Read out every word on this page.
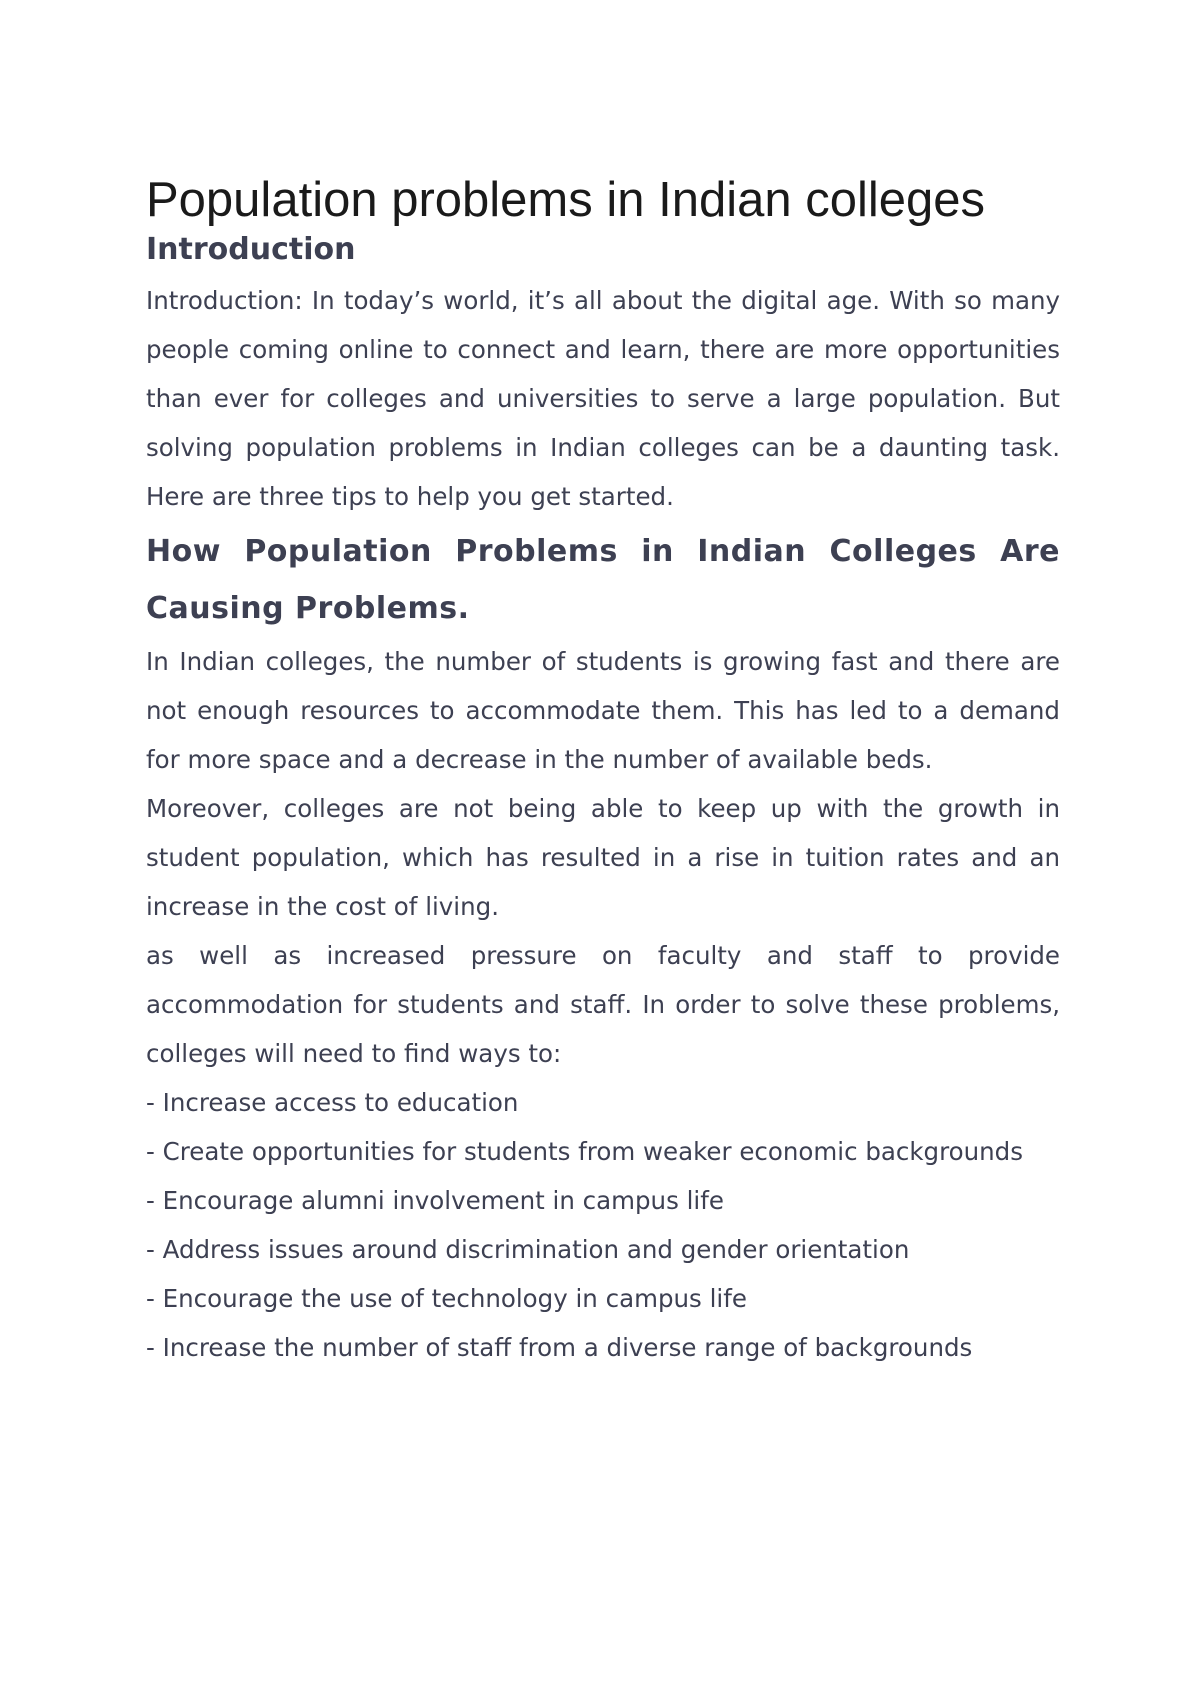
Population problems in Indian colleges
Introduction

Introduction: In today’s world, it’s all about the digital age. With so many people coming online to connect and learn, there are more opportunities than ever for colleges and universities to serve a large population. But solving population problems in Indian colleges can be a daunting task. Here are three tips to help you get started.

How Population Problems in Indian Colleges Are Causing Problems.

In Indian colleges, the number of students is growing fast and there are not enough resources to accommodate them. This has led to a demand for more space and a decrease in the number of available beds.

Moreover, colleges are not being able to keep up with the growth in student population, which has resulted in a rise in tuition rates and an increase in the cost of living.

as well as increased pressure on faculty and staff to provide accommodation for students and staff. In order to solve these problems, colleges will need to find ways to:

- Increase access to education
- Create opportunities for students from weaker economic backgrounds
- Encourage alumni involvement in campus life
- Address issues around discrimination and gender orientation
- Encourage the use of technology in campus life
- Increase the number of staff from a diverse range of backgrounds
